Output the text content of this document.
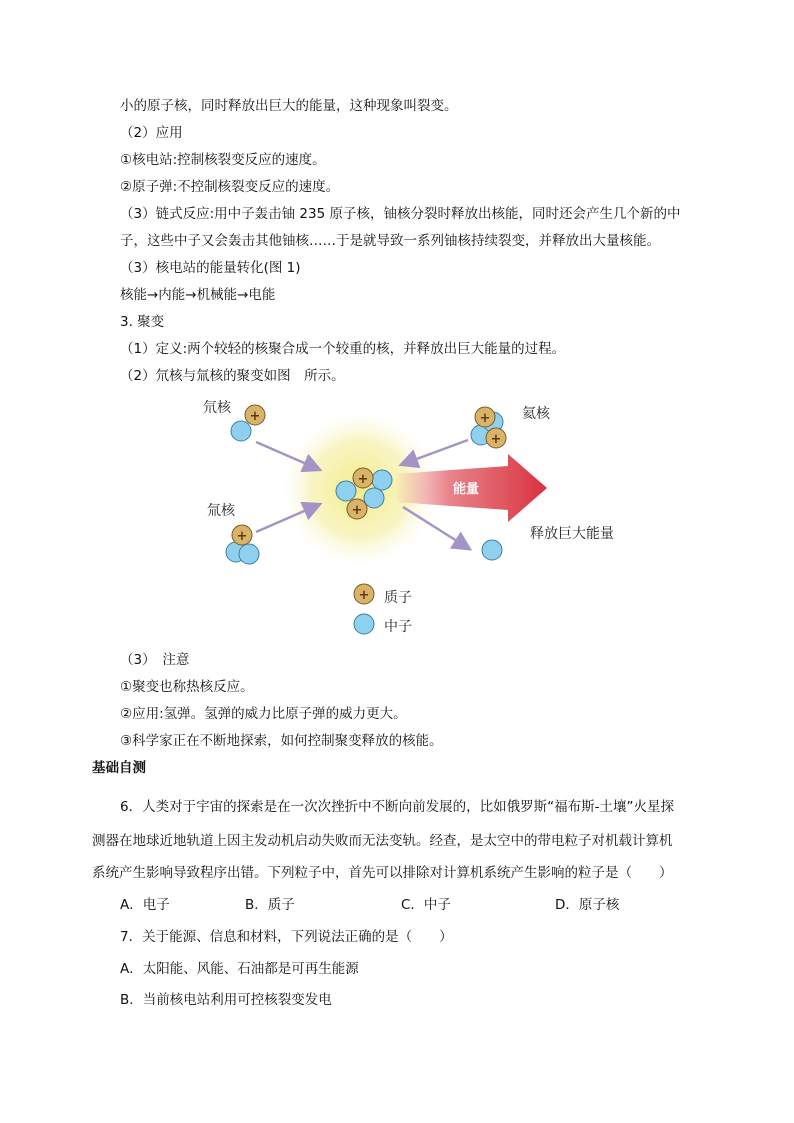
小的原子核，同时释放出巨大的能量，这种现象叫裂变。
（2）应用
①核电站:控制核裂变反应的速度。
②原子弹:不控制核裂变反应的速度。
（3）链式反应:用中子轰击铀 235 原子核，铀核分裂时释放出核能，同时还会产生几个新的中
子，这些中子又会轰击其他铀核……于是就导致一系列铀核持续裂变，并释放出大量核能。
（3）核电站的能量转化(图 1)
核能→内能→机械能→电能
3. 聚变
（1）定义:两个较轻的核聚合成一个较重的核，并释放出巨大能量的过程。
（2）氘核与氚核的聚变如图　所示。
能量
+
+
+
+
+
+
+
氘核
氚核
氦核
释放巨大能量
质子
中子
（3）　注意
①聚变也称热核反应。
②应用:氢弹。氢弹的威力比原子弹的威力更大。
③科学家正在不断地探索，如何控制聚变释放的核能。
基础自测
6．人类对于宇宙的探索是在一次次挫折中不断向前发展的，比如俄罗斯“福布斯-土壤”火星探
测器在地球近地轨道上因主发动机启动失败而无法变轨。经查，是太空中的带电粒子对机载计算机
系统产生影响导致程序出错。下列粒子中，首先可以排除对计算机系统产生影响的粒子是（　　）
A．电子	B．质子	C．中子	D．原子核
7．关于能源、信息和材料，下列说法正确的是（　　）
A．太阳能、风能、石油都是可再生能源
B．当前核电站利用可控核裂变发电
